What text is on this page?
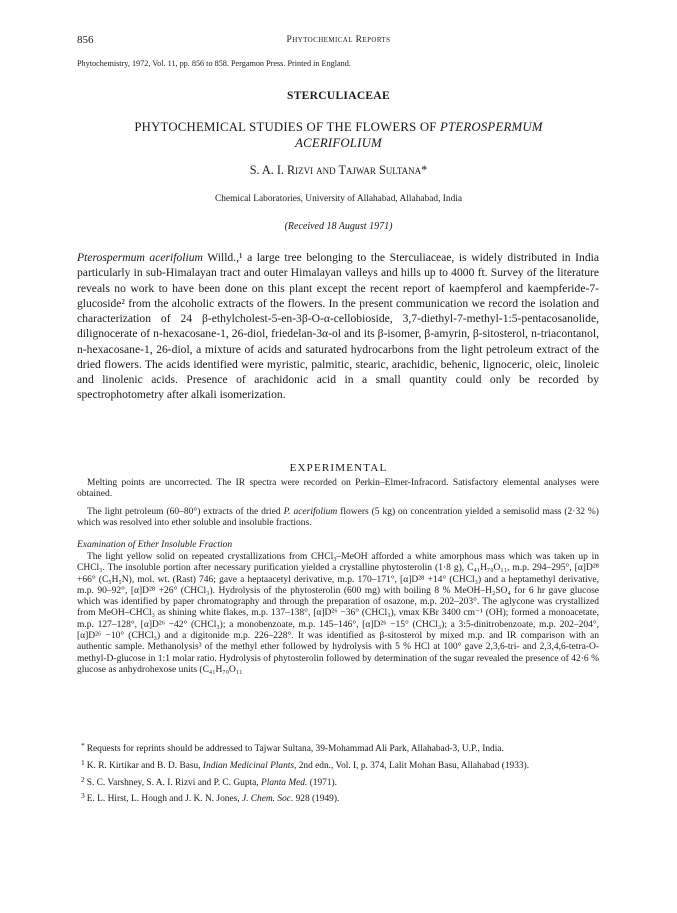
856	Phytochemical Reports
Phytochemistry, 1972, Vol. 11, pp. 856 to 858. Pergamon Press. Printed in England.
STERCULIACEAE
PHYTOCHEMICAL STUDIES OF THE FLOWERS OF PTEROSPERMUM ACERIFOLIUM
S. A. I. Rizvi and Tajwar Sultana*
Chemical Laboratories, University of Allahabad, Allahabad, India
(Received 18 August 1971)
Pterospermum acerifolium Willd.,¹ a large tree belonging to the Sterculiaceae, is widely distributed in India particularly in sub-Himalayan tract and outer Himalayan valleys and hills up to 4000 ft. Survey of the literature reveals no work to have been done on this plant except the recent report of kaempferol and kaempferide-7-glucoside² from the alcoholic extracts of the flowers. In the present communication we record the isolation and characterization of 24 β-ethylcholest-5-en-3β-O-α-cellobioside, 3,7-diethyl-7-methyl-1:5-pentacosanolide, dilignocerate of n-hexacosane-1, 26-diol, friedelan-3α-ol and its β-isomer, β-amyrin, β-sitosterol, n-triacontanol, n-hexacosane-1, 26-diol, a mixture of acids and saturated hydrocarbons from the light petroleum extract of the dried flowers. The acids identified were myristic, palmitic, stearic, arachidic, behenic, lignoceric, oleic, linoleic and linolenic acids. Presence of arachidonic acid in a small quantity could only be recorded by spectrophotometry after alkali isomerization.
EXPERIMENTAL
Melting points are uncorrected. The IR spectra were recorded on Perkin–Elmer-Infracord. Satisfactory elemental analyses were obtained.
The light petroleum (60–80°) extracts of the dried P. acerifolium flowers (5 kg) on concentration yielded a semisolid mass (2·32 %) which was resolved into ether soluble and insoluble fractions.
Examination of Ether Insoluble Fraction
The light yellow solid on repeated crystallizations from CHCl₃–MeOH afforded a white amorphous mass which was taken up in CHCl₃. The insoluble portion after necessary purification yielded a crystalline phytosterolin (1·8 g), C₄₁H₇₀O₁₁, m.p. 294–295°, [α]D²⁸ +66° (C₅H₅N), mol. wt. (Rast) 746; gave a heptaacetyl derivative, m.p. 170–171°, [α]D²⁸ +14° (CHCl₃) and a heptamethyl derivative, m.p. 90–92°, [α]D²⁸ +26° (CHCl₃). Hydrolysis of the phytosterolin (600 mg) with boiling 8 % MeOH–H₂SO₄ for 6 hr gave glucose which was identified by paper chromatography and through the preparation of osazone, m.p. 202–203°. The aglycone was crystallized from MeOH–CHCl₃ as shining white flakes, m.p. 137–138°, [α]D²⁶ −36° (CHCl₃), νmax KBr 3400 cm⁻¹ (OH); formed a monoacetate, m.p. 127–128°, [α]D²⁶ −42° (CHCl₃); a monobenzoate, m.p. 145–146°, [α]D²⁶ −15° (CHCl₃); a 3:5-dinitrobenzoate, m.p. 202–204°, [α]D²⁶ −10° (CHCl₃) and a digitonide m.p. 226–228°. It was identified as β-sitosterol by mixed m.p. and IR comparison with an authentic sample. Methanolysis³ of the methyl ether followed by hydrolysis with 5 % HCl at 100° gave 2,3,6-tri- and 2,3,4,6-tetra-O-methyl-D-glucose in 1:1 molar ratio. Hydrolysis of phytosterolin followed by determination of the sugar revealed the presence of 42·6 % glucose as anhydrohexose units (C₄₁H₇₀O₁₁

* Requests for reprints should be addressed to Tajwar Sultana, 39-Mohammad Ali Park, Allahabad-3, U.P., India.

$^1$ K. R. Kirtikar and B. D. Basu, Indian Medicinal Plants, 2nd edn., Vol. I, p. 374, Lalit Mohan Basu, Allahabad (1933).

$^2$ S. C. Varshney, S. A. I. Rizvi and P. C. Gupta, Planta Med. (1971).

$^3$ E. L. Hirst, L. Hough and J. K. N. Jones, J. Chem. Soc. 928 (1949).
